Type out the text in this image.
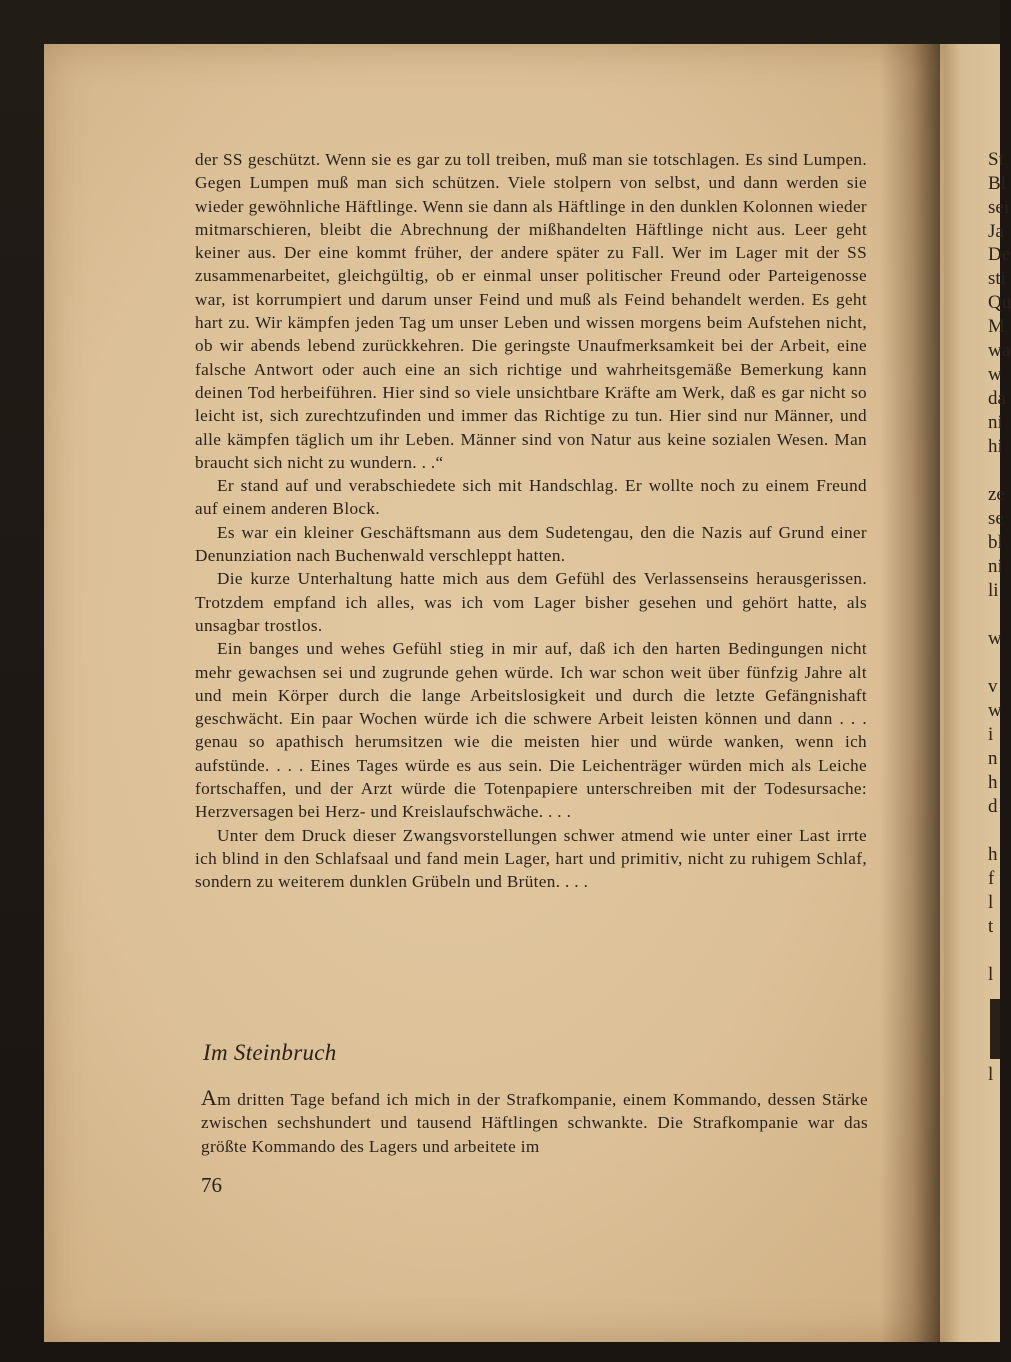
St
Bl
sei
Ja
De
sti
Qu
M
wa
w
da
ni
hi
ze
se
bl
ni
li
w
v
w
i
n
h
d
h
f
l
t
l
l

der SS geschützt. Wenn sie es gar zu toll treiben, muß man sie totschlagen. Es sind Lumpen. Gegen Lumpen muß man sich schützen. Viele stolpern von selbst, und dann werden sie wieder gewöhnliche Häftlinge. Wenn sie dann als Häftlinge in den dunklen Kolonnen wieder mitmarschieren, bleibt die Abrechnung der mißhandelten Häftlinge nicht aus. Leer geht keiner aus. Der eine kommt früher, der andere später zu Fall. Wer im Lager mit der SS zusammenarbeitet, gleichgültig, ob er einmal unser politischer Freund oder Parteigenosse war, ist korrumpiert und darum unser Feind und muß als Feind behandelt werden. Es geht hart zu. Wir kämpfen jeden Tag um unser Leben und wissen morgens beim Aufstehen nicht, ob wir abends lebend zurückkehren. Die geringste Unaufmerksamkeit bei der Arbeit, eine falsche Antwort oder auch eine an sich richtige und wahrheitsgemäße Bemerkung kann deinen Tod herbeiführen. Hier sind so viele unsichtbare Kräfte am Werk, daß es gar nicht so leicht ist, sich zurechtzufinden und immer das Richtige zu tun. Hier sind nur Männer, und alle kämpfen täglich um ihr Leben. Männer sind von Natur aus keine sozialen Wesen. Man braucht sich nicht zu wundern. . .“

Er stand auf und verabschiedete sich mit Handschlag. Er wollte noch zu einem Freund auf einem anderen Block.

Es war ein kleiner Geschäftsmann aus dem Sudetengau, den die Nazis auf Grund einer Denunziation nach Buchenwald verschleppt hatten.

Die kurze Unterhaltung hatte mich aus dem Gefühl des Verlassenseins herausgerissen. Trotzdem empfand ich alles, was ich vom Lager bisher gesehen und gehört hatte, als unsagbar trostlos.

Ein banges und wehes Gefühl stieg in mir auf, daß ich den harten Bedingungen nicht mehr gewachsen sei und zugrunde gehen würde. Ich war schon weit über fünfzig Jahre alt und mein Körper durch die lange Arbeitslosigkeit und durch die letzte Gefängnishaft geschwächt. Ein paar Wochen würde ich die schwere Arbeit leisten können und dann . . . genau so apathisch herumsitzen wie die meisten hier und würde wanken, wenn ich aufstünde. . . . Eines Tages würde es aus sein. Die Leichenträger würden mich als Leiche fortschaffen, und der Arzt würde die Totenpapiere unterschreiben mit der Todesursache: Herzversagen bei Herz- und Kreislaufschwäche. . . .

Unter dem Druck dieser Zwangsvorstellungen schwer atmend wie unter einer Last irrte ich blind in den Schlafsaal und fand mein Lager, hart und primitiv, nicht zu ruhigem Schlaf, sondern zu weiterem dunklen Grübeln und Brüten. . . .

Im Steinbruch
Am dritten Tage befand ich mich in der Strafkompanie, einem Kommando, dessen Stärke zwischen sechshundert und tausend Häftlingen schwankte. Die Strafkompanie war das größte Kommando des Lagers und arbeitete im
76
